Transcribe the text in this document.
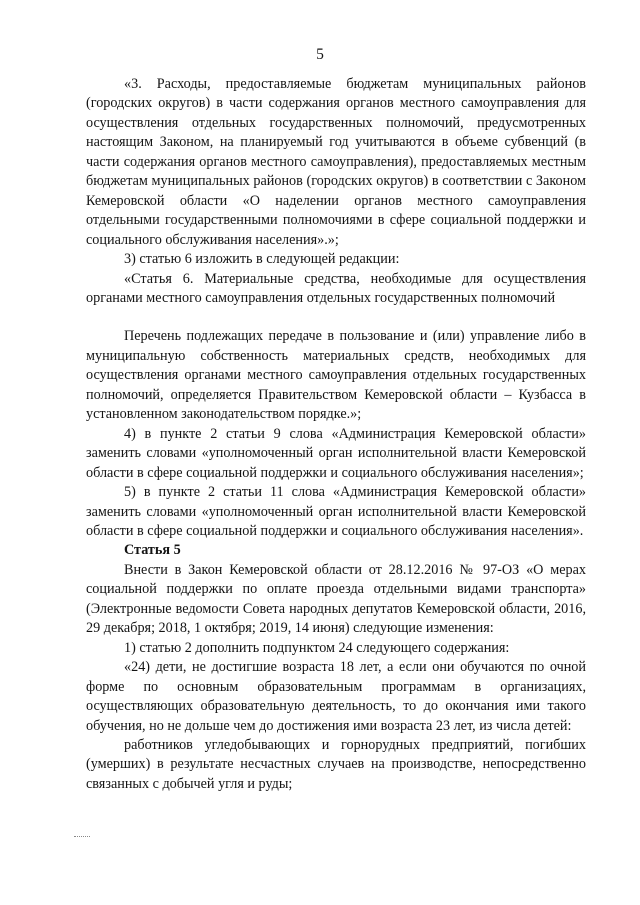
5

«3. Расходы, предоставляемые бюджетам муниципальных районов (городских округов) в части содержания органов местного самоуправления для осуществления отдельных государственных полномочий, предусмотренных настоящим Законом, на планируемый год учитываются в объеме субвенций (в части содержания органов местного самоуправления), предоставляемых местным бюджетам муниципальных районов (городских округов) в соответствии с Законом Кемеровской области «О наделении органов местного самоуправления отдельными государственными полномочиями в сфере социальной поддержки и социального обслуживания населения».»;

3) статью 6 изложить в следующей редакции:

«Статья 6. Материальные средства, необходимые для осуществления органами местного самоуправления отдельных государственных полномочий

Перечень подлежащих передаче в пользование и (или) управление либо в муниципальную собственность материальных средств, необходимых для осуществления органами местного самоуправления отдельных государственных полномочий, определяется Правительством Кемеровской области – Кузбасса в установленном законодательством порядке.»;

4) в пункте 2 статьи 9 слова «Администрация Кемеровской области» заменить словами «уполномоченный орган исполнительной власти Кемеровской области в сфере социальной поддержки и социального обслуживания населения»;

5) в пункте 2 статьи 11 слова «Администрация Кемеровской области» заменить словами «уполномоченный орган исполнительной власти Кемеровской области в сфере социальной поддержки и социального обслуживания населения».

Статья 5

Внести в Закон Кемеровской области от 28.12.2016 № 97-ОЗ «О мерах социальной поддержки по оплате проезда отдельными видами транспорта» (Электронные ведомости Совета народных депутатов Кемеровской области, 2016, 29 декабря; 2018, 1 октября; 2019, 14 июня) следующие изменения:

1) статью 2 дополнить подпунктом 24 следующего содержания:

«24) дети, не достигшие возраста 18 лет, а если они обучаются по очной форме по основным образовательным программам в организациях, осуществляющих образовательную деятельность, то до окончания ими такого обучения, но не дольше чем до достижения ими возраста 23 лет, из числа детей:

работников угледобывающих и горнорудных предприятий, погибших (умерших) в результате несчастных случаев на производстве, непосредственно связанных с добычей угля и руды;
